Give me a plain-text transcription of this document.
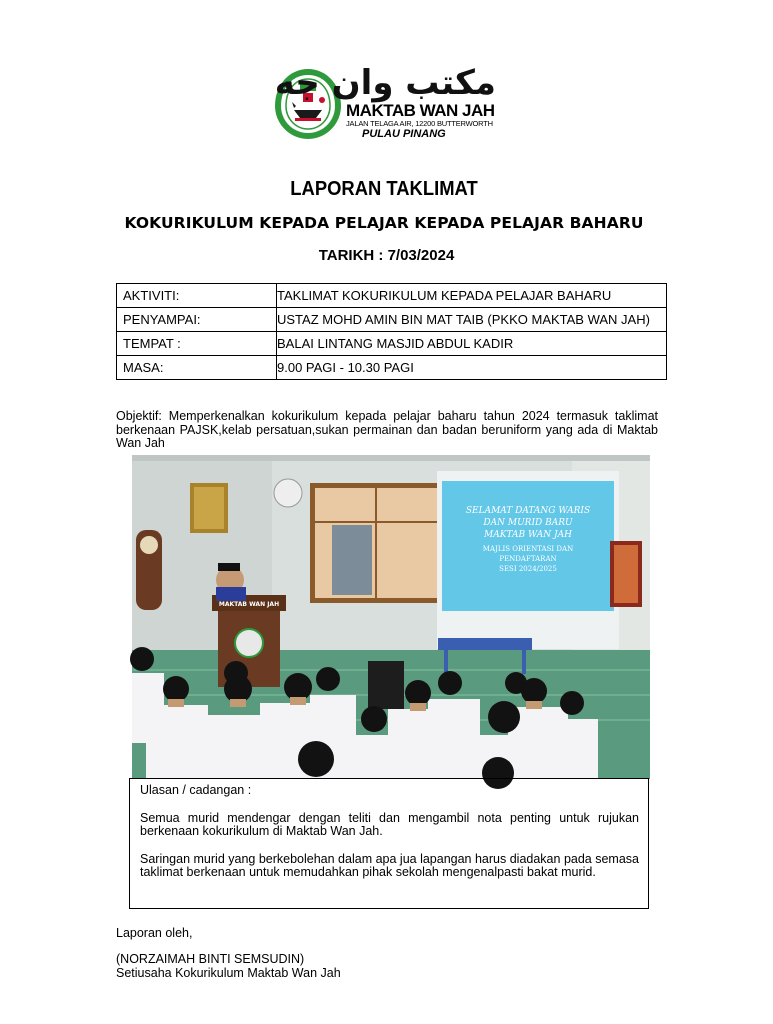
مكتب وان جه
MAKTAB WAN JAH
JALAN TELAGA AIR, 12200 BUTTERWORTH
PULAU PINANG
LAPORAN TAKLIMAT
KOKURIKULUM KEPADA PELAJAR KEPADA PELAJAR BAHARU
TARIKH : 7/03/2024
AKTIVITI:	TAKLIMAT KOKURIKULUM KEPADA PELAJAR BAHARU
PENYAMPAI:	USTAZ MOHD AMIN BIN MAT TAIB (PKKO MAKTAB WAN JAH)
TEMPAT :	BALAI LINTANG MASJID ABDUL KADIR
MASA:	9.00 PAGI - 10.30 PAGI
Objektif: Memperkenalkan kokurikulum kepada pelajar baharu tahun 2024 termasuk taklimat berkenaan PAJSK,kelab persatuan,sukan permainan dan badan beruniform yang ada di Maktab Wan Jah
SELAMAT DATANG WARIS
DAN MURID BARU
MAKTAB WAN JAH
MAJLIS ORIENTASI DAN
PENDAFTARAN
SESI 2024/2025
MAKTAB WAN JAH

Ulasan / cadangan :

Semua murid mendengar dengan teliti dan mengambil nota penting untuk rujukan berkenaan kokurikulum di Maktab Wan Jah.

Saringan murid yang berkebolehan dalam apa jua lapangan harus diadakan pada semasa taklimat berkenaan untuk memudahkan pihak sekolah mengenalpasti bakat murid.

Laporan oleh,
(NORZAIMAH BINTI SEMSUDIN)
Setiusaha Kokurikulum Maktab Wan Jah
